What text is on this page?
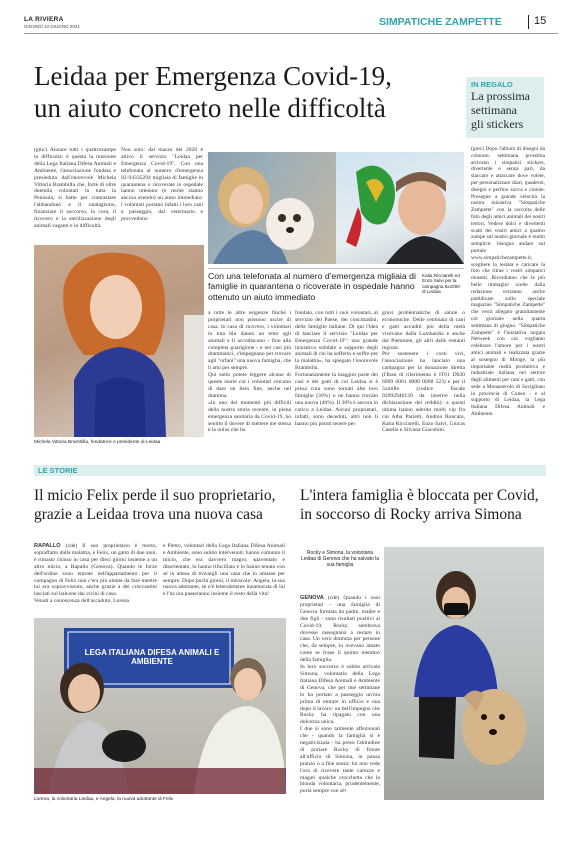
LA RIVIERA
GIOVEDÌ 10 GIUGNO 2021	SIMPATICHE ZAMPETTE	15
Leidaa per Emergenza Covid-19,
un aiuto concreto nelle difficoltà
IN REGALO
La prossima
settimana
gli stickers
(gmc) Dopo l'album di disegni da colorare, settimana prossima arrivano i simpatici stickers, divertente e senza pari, da staccare e attaccare dove volete, per personalizzare diari, quaderni, disegni e perfino zucca e ciotole. Prosegue a grande velocità la nostra iniziativa "Simpatiche Zampette" con la raccolta delle foto degli amici animali dei nostri lettori. Vedere dolci e divertenti scatti dei vostri amici a quattro zampe sul nostro giornale è molto semplice: bisogna andare sul portale www.simpatichezampette.it, scegliere la testata e caricare la foto che ritrae i vostri simpatici musetti. Ricordiamo che le più belle immagini scelte dalla redazione verranno anche pubblicate sullo speciale magazine "Simpatiche Zampette" che verrà allegato gratuitamente col giornale nella quarta settimana di giugno. "Simpatiche Zampette" è l'iniziativa targata Netweek con cui vogliamo celebrare l'amore per i nostri amici animali e realizzata grazie al sostegno di Monge, la più importante realtà produttiva e industriale italiana nel settore degli alimenti per cani e gatti, con sede a Monasterolo di Savigliano in provincia di Cuneo - e al supporto di Leidaa, la Lega Italiana Difesa Animali e Ambiente.
(gmc) Aiutare tutti i quattrozampe in difficoltà: è questa la missione della Lega Italiana Difesa Animali e Ambiente, l'associazione fondata e presieduta dall'onorevole Michela Vittoria Brambilla che, forte di oltre duemila volontari in tutta la Penisola, si batte per contrastare l'abbandono e il randagismo, finanziare il soccorso, la cura, il ricovero e la sterilizzazione degli animali vaganti e in difficoltà.
Non solo: dal marzo del 2020 è attivo il servizio "Leidaa per Emergenza Covid-19". Con una telefonata al numero d'emergenza 02-94335294 migliaia di famiglie in quarantena o ricoverate in ospedale hanno ottenuto (e molte stanno ancora avendo) un aiuto immediato: i volontari portano infatti i loro cani a passeggio, dal veterinario e provvedono
Michela Vittoria Brambilla, fondatrice e presidente di Leidaa
Con una telefonata al numero d'emergenza migliaia di famiglie in quarantena o ricoverate in ospedale hanno ottenuto un aiuto immediato
Katia Ricciarelli ed Enzo Salvi per la campagna 5x1000 di Leidaa
a tutte le altre esigenze finché i proprietari non possono uscire di casa. In caso di ricovero, i volontari in tuta blu danno un tetto agli animali e li accudiscono - fino alla completa guarigione - e nei casi più drammatici, s'impegnano per trovare agli "orfani" una nuova famiglia, che li ami per sempre.
Qui sotto potete leggere alcune di queste storie cui i volontari cercano di dare un lieto fine, anche nel dramma.
«In uno dei momenti più difficili della nostra storia recente, in piena emergenza sanitaria da Covid-19, ho sentito il dovere di mettere me stessa e la onlus che ho
fondato, con tutti i suoi volontari, al servizio del Paese, dei concittadini, delle famiglie italiane. Di qui l'idea di lanciare il servizio "Leidaa per Emergenza Covid-19": una grande iniziativa solidale a supporto degli animali di chi ha sofferto e soffre per la malattia», ha spiegato l'onorevole Brambilla.
Fortunatamente la maggior parte dei casi è dei gatti di cui Leidaa si è presa cura sono tornati alle loro famiglie (30%) o ne hanno trovato una nuova (40%). Il 30% è ancora in carico a Leidaa. Alcuni proprietari, infatti, sono deceduti, altri non li hanno più potuti tenere per
gravi problematiche di salute o economiche. Delle centinaia di cani e gatti accuditi più della metà vivevano dalla Lombardia e anche dal Piemonte, gli altri dalle restanti regioni.
Per sostenere i costi vivi, l'associazione ha lanciato una campagna per la donazione diretta (l'Iban di riferimento è IT61 D030 6909 6061 0000 0068 523) e per il 5xmille (codice fiscale 03992940139 da inserire nella dichiarazione dei redditi): a questi ultima hanno aderito molti vip fra cui Alba Parietti, Andrea Roncato, Katia Ricciarelli, Enzo Salvi, Giucas Casella e Silvana Giacobini.
LE STORIE
Il micio Felix perde il suo proprietario,
grazie a Leidaa trova una nuova casa
RAPALLO (cde) Il suo proprietario è morto, sopraffatto dalla malattia, e Felix, un gatto di due anni, è rimasto chiuso in casa per dieci giorni insieme a un altro micio, a Rapallo (Genova). Quando le forze dell'ordine sono entrate nell'appartamento per il compagno di Felix non c'era più niente da fare mentre lui era sopravvissuto, anche grazie a dei croccantini lasciati sul balcone dai vicini di casa.
Venuti a conoscenza dell'accaduto, Lorena
e Pietro, volontari della Lega Italiana Difesa Animali e Ambiente, sono subito intervenuti: hanno comunto il micio, che era davvero magro, spaventato e disorientato, lo hanno rifocillato e lo hanno tenuto con sé in attesa di trovargli una casa che lo amasse per sempre. Dopo pochi giorni, il miracolo: Angela, la sua nuova adottante, se n'è letteralmente innamorata di lui e l'ha ora passeranno insieme il resto della vita!
LEGA ITALIANA DIFESA ANIMALI E AMBIENTE
Lorena, la volontaria Leidaa, e Angela, la nuova adottante di Felix
L'intera famiglia è bloccata per Covid,
in soccorso di Rocky arriva Simona
Rocky e Simona, la volontaria Leidaa di Genova che ha salvato la sua famiglia
GENOVA (cde) Quando i suoi proprietari - una famiglia di Genova formata da padre, madre e due figli - sono risultati positivi al Covid-19, Rocky sembrava dovesse rassegnarsi a restare in casa. Un vero dramma per persone che, da sempre, lo avevano amato come se fosse il quinto membro della famiglia.
In loro soccorso è subito arrivata Simona, volontaria della Lega Italiana Difesa Animali e Ambiente di Genova, che per due settimane lo ha portato a passeggio un'ora prima di entrare in ufficio e una dopo il lavoro: un bell'impegno che Rocky ha ripagato con una dolcezza unica.
I due si sono talmente affezionati che - quando la famiglia si è negativizzata - ha preso l'abitudine di portare Rocky di fronte all'ufficio di Simona, in pausa pranzo o a fine senza: lui non vede l'ora di ricevere tante carezze e magari qualche crocchetta che la bionda volontaria, prudentemente, porta sempre con sé!
